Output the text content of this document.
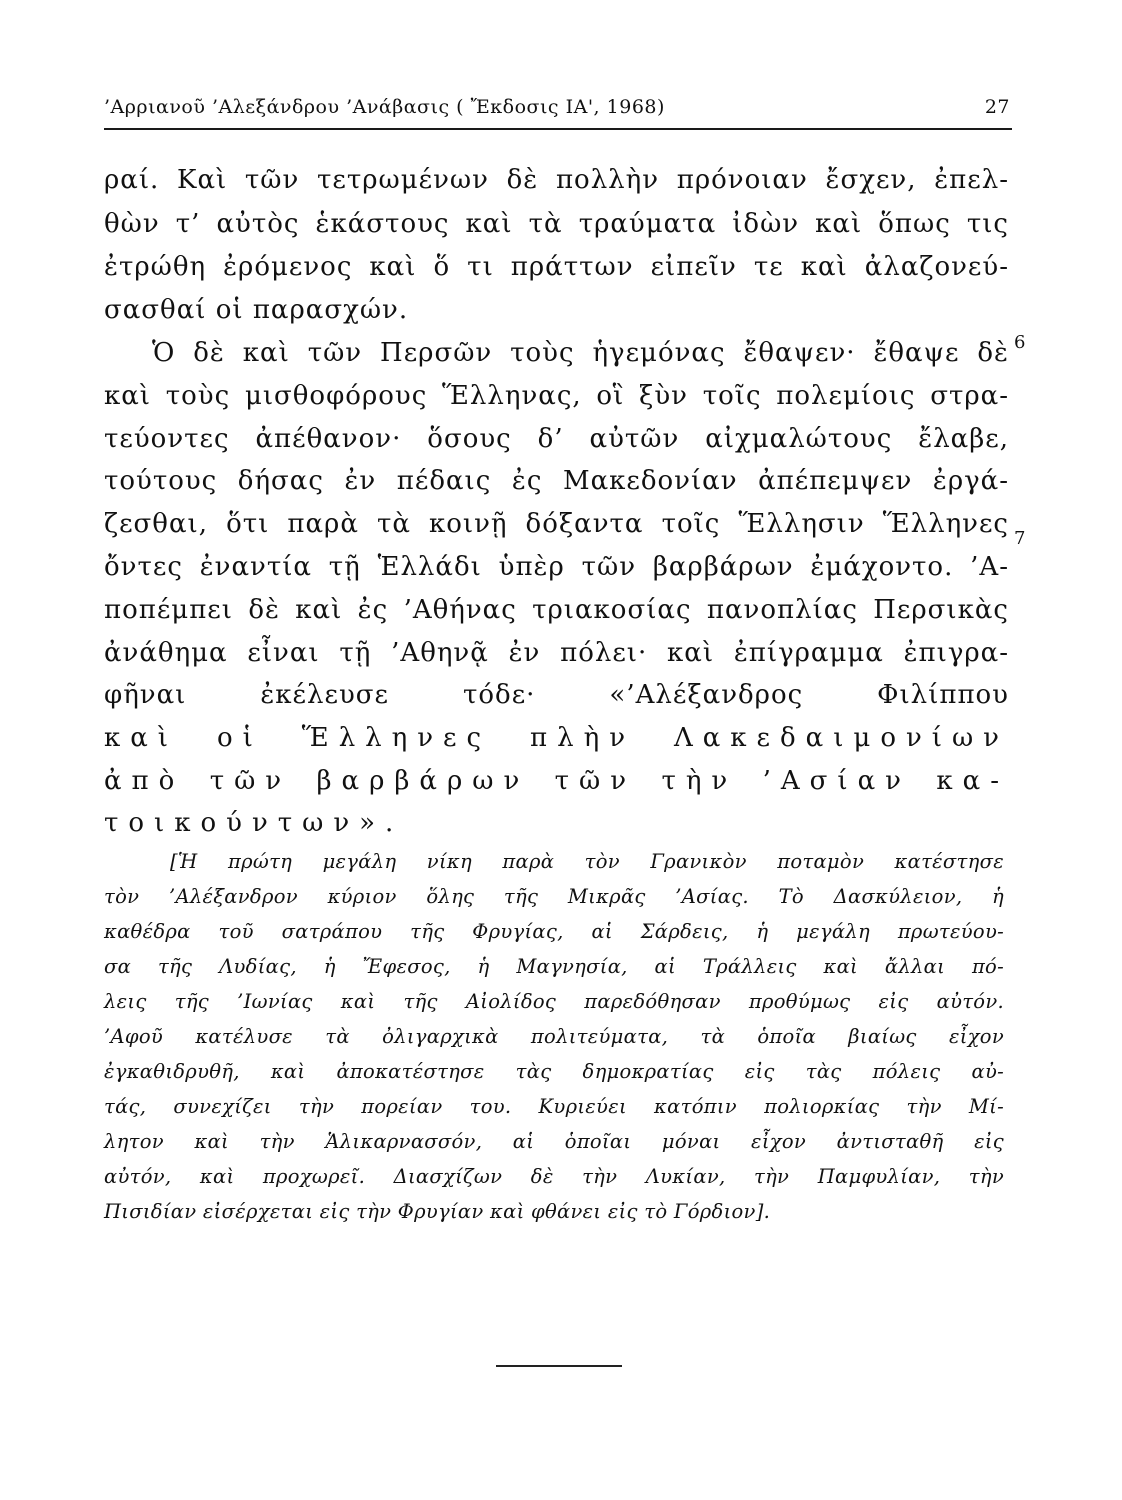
’Αρριανοῦ ’Αλεξάνδρου ’Ανάβασις ( Ἔκδοσις ΙΑ', 1968)	27
ραί. Καὶ τῶν τετρωμένων δὲ πολλὴν πρόνοιαν ἔσχεν, ἐπελ-
θὼν τ’ αὐτὸς ἑκάστους καὶ τὰ τραύματα ἰδὼν καὶ ὅπως τις
ἐτρώθη ἐρόμενος καὶ ὅ τι πράττων εἰπεῖν τε καὶ ἀλαζονεύ-
σασθαί οἱ παρασχών.
Ὁ δὲ καὶ τῶν Περσῶν τοὺς ἡγεμόνας ἔθαψεν· ἔθαψε δὲ
καὶ τοὺς μισθοφόρους Ἕλληνας, οἳ ξὺν τοῖς πολεμίοις στρα-
τεύοντες ἀπέθανον· ὅσους δ’ αὐτῶν αἰχμαλώτους ἔλαβε,
τούτους δήσας ἐν πέδαις ἐς Μακεδονίαν ἀπέπεμψεν ἐργά-
ζεσθαι, ὅτι παρὰ τὰ κοινῇ δόξαντα τοῖς Ἕλλησιν Ἕλληνες
ὄντες ἐναντία τῇ Ἑλλάδι ὑπὲρ τῶν βαρβάρων ἐμάχοντο. ’Α-
ποπέμπει δὲ καὶ ἐς ’Αθήνας τριακοσίας πανοπλίας Περσικὰς
ἀνάθημα εἶναι τῇ ’Αθηνᾷ ἐν πόλει· καὶ ἐπίγραμμα ἐπιγρα-
φῆναι ἐκέλευσε τόδε· «’Αλέξανδρος Φιλίππου
καὶ οἱ Ἕλληνες πλὴν Λακεδαιμονίων
ἀπὸ τῶν βαρβάρων τῶν τὴν ’Ασίαν κα-
τοικούντων».
6
7
[Ἡ πρώτη μεγάλη νίκη παρὰ τὸν Γρανικὸν ποταμὸν κατέστησε
τὸν ’Αλέξανδρον κύριον ὅλης τῆς Μικρᾶς ’Ασίας. Τὸ Δασκύλειον, ἡ
καθέδρα τοῦ σατράπου τῆς Φρυγίας, αἱ Σάρδεις, ἡ μεγάλη πρωτεύου-
σα τῆς Λυδίας, ἡ Ἔφεσος, ἡ Μαγνησία, αἱ Τράλλεις καὶ ἄλλαι πό-
λεις τῆς ’Ιωνίας καὶ τῆς Αἰολίδος παρεδόθησαν προθύμως εἰς αὐτόν.
’Αφοῦ κατέλυσε τὰ ὀλιγαρχικὰ πολιτεύματα, τὰ ὁποῖα βιαίως εἶχον
ἐγκαθιδρυθῆ, καὶ ἀποκατέστησε τὰς δημοκρατίας εἰς τὰς πόλεις αὐ-
τάς, συνεχίζει τὴν πορείαν του. Κυριεύει κατόπιν πολιορκίας τὴν Μί-
λητον καὶ τὴν Ἁλικαρνασσόν, αἱ ὁποῖαι μόναι εἶχον ἀντισταθῆ εἰς
αὐτόν, καὶ προχωρεῖ. Διασχίζων δὲ τὴν Λυκίαν, τὴν Παμφυλίαν, τὴν
Πισιδίαν εἰσέρχεται εἰς τὴν Φρυγίαν καὶ φθάνει εἰς τὸ Γόρδιον].
